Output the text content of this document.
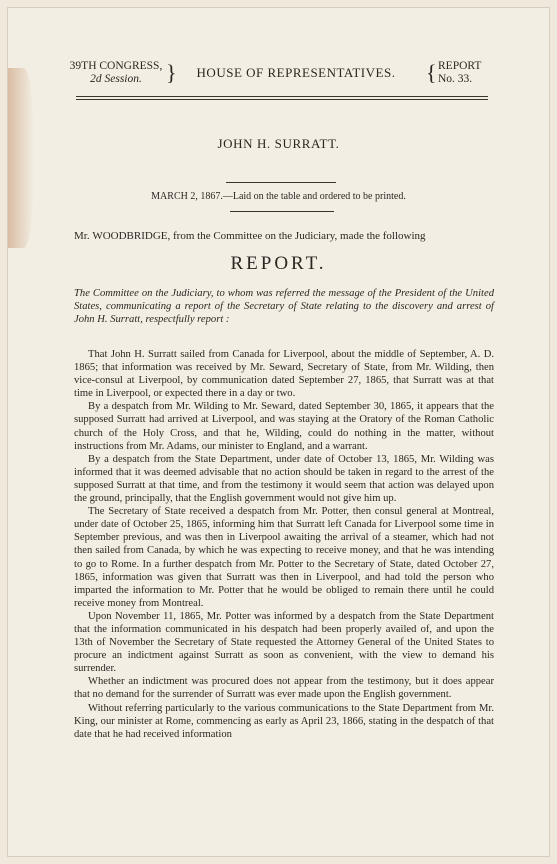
39TH CONGRESS,
2d Session.	}	HOUSE OF REPRESENTATIVES.	{ REPORT
No. 33.
JOHN H. SURRATT.
MARCH 2, 1867.—Laid on the table and ordered to be printed.
Mr. WOODBRIDGE, from the Committee on the Judiciary, made the following
REPORT.
The Committee on the Judiciary, to whom was referred the message of the President of the United States, communicating a report of the Secretary of State relating to the discovery and arrest of John H. Surratt, respectfully report :

That John H. Surratt sailed from Canada for Liverpool, about the middle of September, A. D. 1865; that information was received by Mr. Seward, Secretary of State, from Mr. Wilding, then vice-consul at Liverpool, by communication dated September 27, 1865, that Surratt was at that time in Liverpool, or expected there in a day or two.

By a despatch from Mr. Wilding to Mr. Seward, dated September 30, 1865, it appears that the supposed Surratt had arrived at Liverpool, and was staying at the Oratory of the Roman Catholic church of the Holy Cross, and that he, Wilding, could do nothing in the matter, without instructions from Mr. Adams, our minister to England, and a warrant.

By a despatch from the State Department, under date of October 13, 1865, Mr. Wilding was informed that it was deemed advisable that no action should be taken in regard to the arrest of the supposed Surratt at that time, and from the testimony it would seem that action was delayed upon the ground, principally, that the English government would not give him up.

The Secretary of State received a despatch from Mr. Potter, then consul general at Montreal, under date of October 25, 1865, informing him that Surratt left Canada for Liverpool some time in September previous, and was then in Liverpool awaiting the arrival of a steamer, which had not then sailed from Canada, by which he was expecting to receive money, and that he was intending to go to Rome. In a further despatch from Mr. Potter to the Secretary of State, dated October 27, 1865, information was given that Surratt was then in Liverpool, and had told the person who imparted the information to Mr. Potter that he would be obliged to remain there until he could receive money from Montreal.

Upon November 11, 1865, Mr. Potter was informed by a despatch from the State Department that the information communicated in his despatch had been properly availed of, and upon the 13th of November the Secretary of State requested the Attorney General of the United States to procure an indictment against Surratt as soon as convenient, with the view to demand his surrender.

Whether an indictment was procured does not appear from the testimony, but it does appear that no demand for the surrender of Surratt was ever made upon the English government.

Without referring particularly to the various communications to the State Department from Mr. King, our minister at Rome, commencing as early as April 23, 1866, stating in the despatch of that date that he had received information
